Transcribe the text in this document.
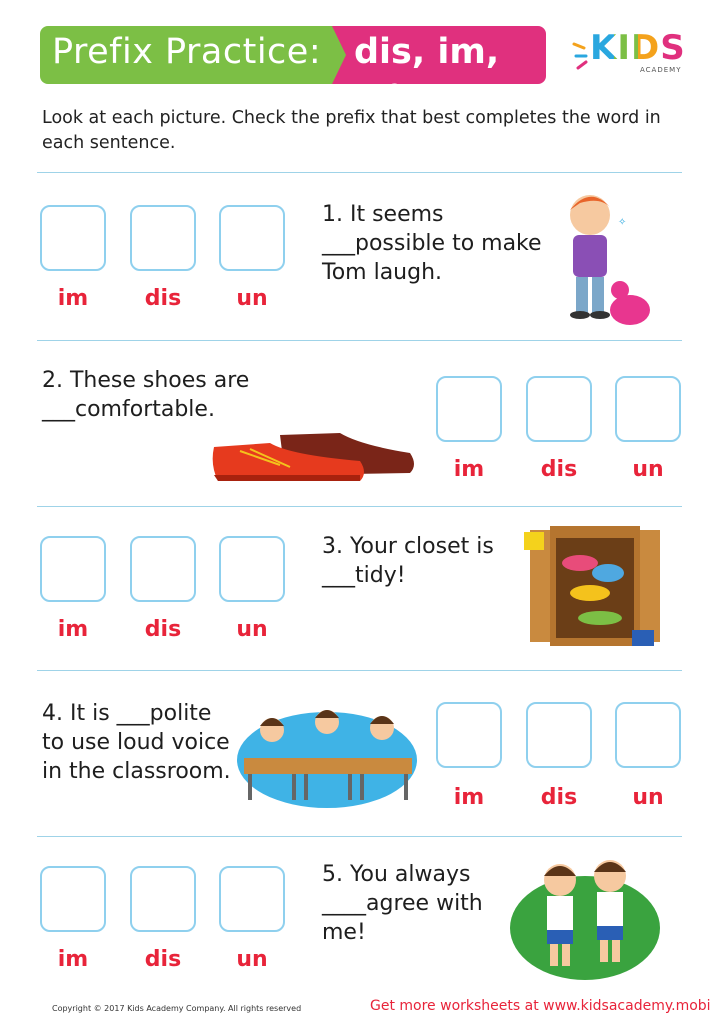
Prefix Practice: dis, im, un
KIDS
ACADEMY
Look at each picture. Check the prefix that best completes the word in each sentence.
im	dis	un
1. It seems ___possible to make Tom laugh.
✧
2. These shoes are ___comfortable.
im	dis	un
im	dis	un
3. Your closet is ___tidy!
4. It is ___polite to use loud voice in the classroom.
im	dis	un
im	dis	un
5. You always ____agree with me!
Copyright © 2017 Kids Academy Company. All rights reserved	Get more worksheets at www.kidsacademy.mobi
